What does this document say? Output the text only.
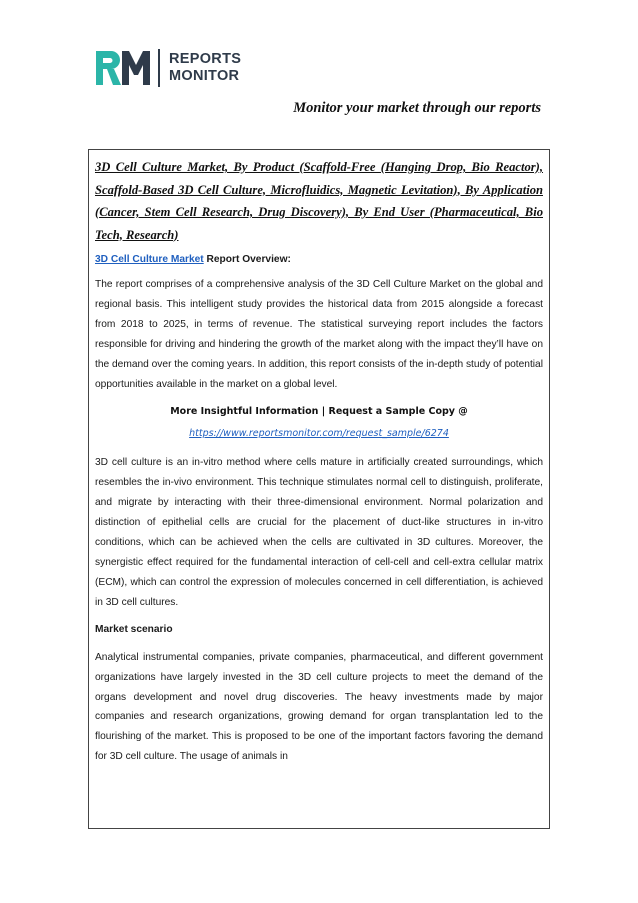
REPORTS
MONITOR
Monitor your market through our reports

3D Cell Culture Market, By Product (Scaffold-Free (Hanging Drop, Bio Reactor), Scaffold-Based 3D Cell Culture, Microfluidics, Magnetic Levitation), By Application (Cancer, Stem Cell Research, Drug Discovery), By End User (Pharmaceutical, Bio Tech, Research)

3D Cell Culture Market Report Overview:

The report comprises of a comprehensive analysis of the 3D Cell Culture Market on the global and regional basis. This intelligent study provides the historical data from 2015 alongside a forecast from 2018 to 2025, in terms of revenue. The statistical surveying report includes the factors responsible for driving and hindering the growth of the market along with the impact they’ll have on the demand over the coming years. In addition, this report consists of the in-depth study of potential opportunities available in the market on a global level.

More Insightful Information | Request a Sample Copy @
https://www.reportsmonitor.com/request_sample/6274

3D cell culture is an in-vitro method where cells mature in artificially created surroundings, which resembles the in-vivo environment. This technique stimulates normal cell to distinguish, proliferate, and migrate by interacting with their three-dimensional environment. Normal polarization and distinction of epithelial cells are crucial for the placement of duct-like structures in in-vitro conditions, which can be achieved when the cells are cultivated in 3D cultures. Moreover, the synergistic effect required for the fundamental interaction of cell-cell and cell-extra cellular matrix (ECM), which can control the expression of molecules concerned in cell differentiation, is achieved in 3D cell cultures.

Market scenario

Analytical instrumental companies, private companies, pharmaceutical, and different government organizations have largely invested in the 3D cell culture projects to meet the demand of the organs development and novel drug discoveries. The heavy investments made by major companies and research organizations, growing demand for organ transplantation led to the flourishing of the market. This is proposed to be one of the important factors favoring the demand for 3D cell culture. The usage of animals in
